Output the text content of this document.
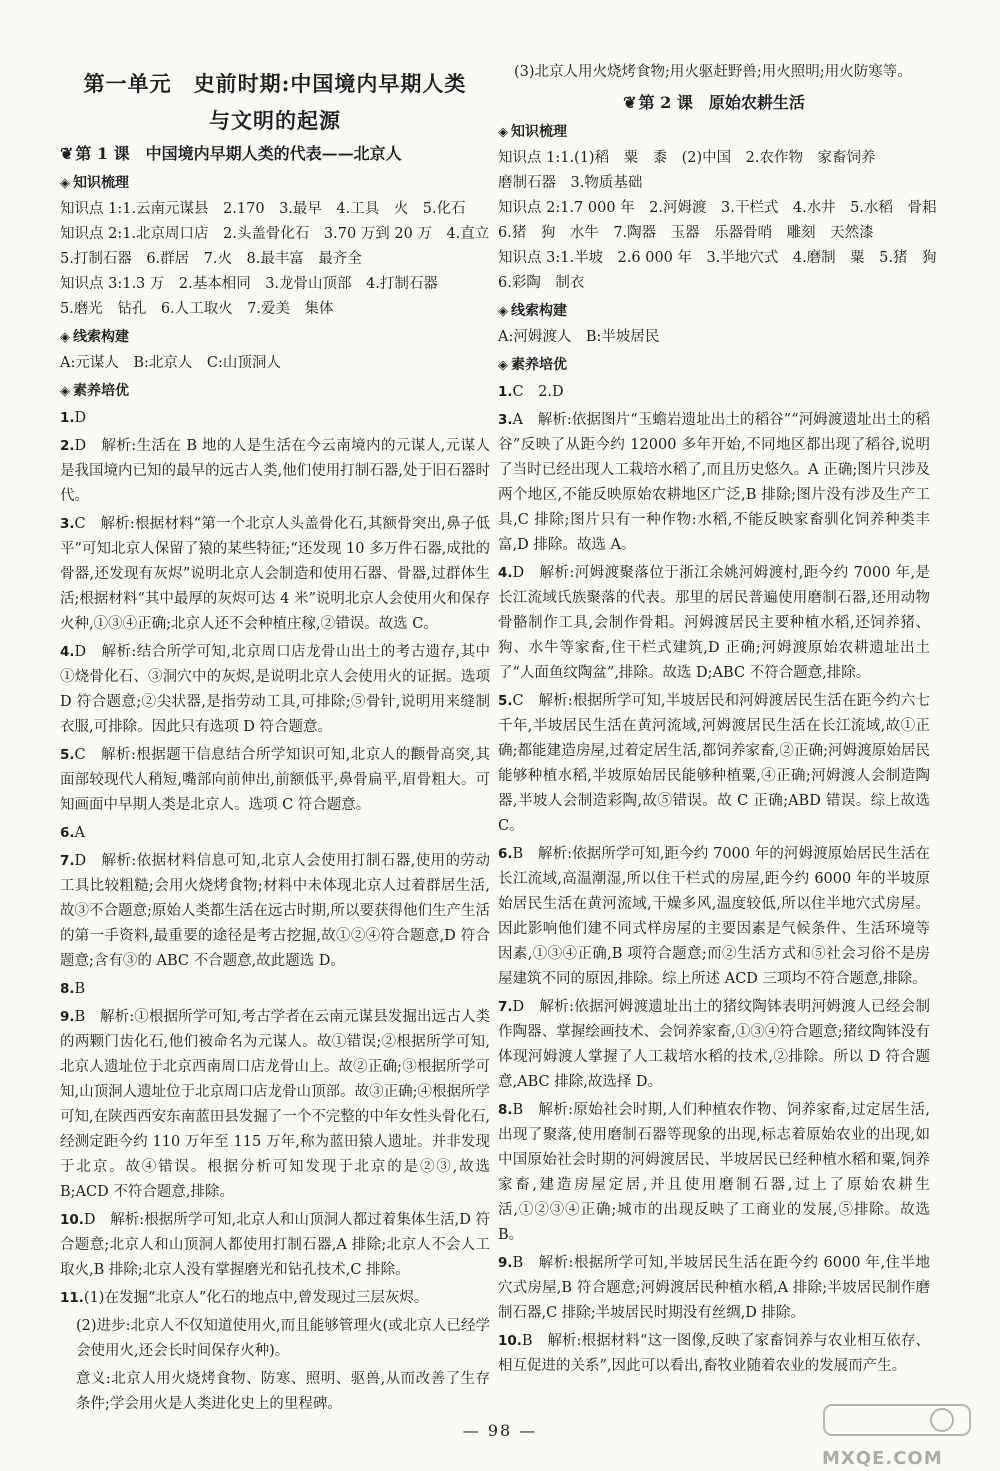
第一单元　史前时期:中国境内早期人类
与文明的起源
❦ 第 1 课　中国境内早期人类的代表——北京人
◈ 知识梳理

知识点 1:1.云南元谋县　2.170　3.最早　4.工具　火　5.化石

知识点 2:1.北京周口店　2.头盖骨化石　3.70 万到 20 万　4.直立

5.打制石器　6.群居　7.火　8.最丰富　最齐全

知识点 3:1.3 万　2.基本相同　3.龙骨山顶部　4.打制石器

5.磨光　钻孔　6.人工取火　7.爱美　集体

◈ 线索构建

A:元谋人　B:北京人　C:山顶洞人

◈ 素养培优

1.D

2.D　解析:生活在 B 地的人是生活在今云南境内的元谋人,元谋人是我国境内已知的最早的远古人类,他们使用打制石器,处于旧石器时代。

3.C　解析:根据材料“第一个北京人头盖骨化石,其额骨突出,鼻子低平”可知北京人保留了猿的某些特征;“还发现 10 多万件石器,成批的骨器,还发现有灰烬”说明北京人会制造和使用石器、骨器,过群体生活;根据材料“其中最厚的灰烬可达 4 米”说明北京人会使用火和保存火种,①③④正确;北京人还不会种植庄稼,②错误。故选 C。

4.D　解析:结合所学可知,北京周口店龙骨山出土的考古遗存,其中①烧骨化石、③洞穴中的灰烬,是说明北京人会使用火的证据。选项 D 符合题意;②尖状器,是指劳动工具,可排除;⑤骨针,说明用来缝制衣服,可排除。因此只有选项 D 符合题意。

5.C　解析:根据题干信息结合所学知识可知,北京人的颧骨高突,其面部较现代人稍短,嘴部向前伸出,前额低平,鼻骨扁平,眉骨粗大。可知画面中早期人类是北京人。选项 C 符合题意。

6.A

7.D　解析:依据材料信息可知,北京人会使用打制石器,使用的劳动工具比较粗糙;会用火烧烤食物;材料中未体现北京人过着群居生活,故③不合题意;原始人类都生活在远古时期,所以要获得他们生产生活的第一手资料,最重要的途径是考古挖掘,故①②④符合题意,D 符合题意;含有③的 ABC 不合题意,故此题选 D。

8.B

9.B　解析:①根据所学可知,考古学者在云南元谋县发掘出远古人类的两颗门齿化石,他们被命名为元谋人。故①错误;②根据所学可知,北京人遗址位于北京西南周口店龙骨山上。故②正确;③根据所学可知,山顶洞人遗址位于北京周口店龙骨山顶部。故③正确;④根据所学可知,在陕西西安东南蓝田县发掘了一个不完整的中年女性头骨化石,经测定距今约 110 万年至 115 万年,称为蓝田猿人遗址。并非发现于北京。故④错误。根据分析可知发现于北京的是②③,故选 B;ACD 不符合题意,排除。

10.D　解析:根据所学可知,北京人和山顶洞人都过着集体生活,D 符合题意;北京人和山顶洞人都使用打制石器,A 排除;北京人不会人工取火,B 排除;北京人没有掌握磨光和钻孔技术,C 排除。

11.(1)在发掘“北京人”化石的地点中,曾发现过三层灰烬。

(2)进步:北京人不仅知道使用火,而且能够管理火(或北京人已经学会使用火,还会长时间保存火种)。

意义:北京人用火烧烤食物、防寒、照明、驱兽,从而改善了生存条件;学会用火是人类进化史上的里程碑。

(3)北京人用火烧烤食物;用火驱赶野兽;用火照明;用火防寒等。

❦ 第 2 课　原始农耕生活
◈ 知识梳理

知识点 1:1.(1)稻　粟　黍　(2)中国　2.农作物　家畜饲养

磨制石器　3.物质基础

知识点 2:1.7 000 年　2.河姆渡　3.干栏式　4.水井　5.水稻　骨耜

6.猪　狗　水牛　7.陶器　玉器　乐器骨哨　雕刻　天然漆

知识点 3:1.半坡　2.6 000 年　3.半地穴式　4.磨制　粟　5.猪　狗

6.彩陶　制衣

◈ 线索构建

A:河姆渡人　B:半坡居民

◈ 素养培优

1.C　2.D

3.A　解析:依据图片“玉蟾岩遗址出土的稻谷”“河姆渡遗址出土的稻谷”反映了从距今约 12000 多年开始,不同地区都出现了稻谷,说明了当时已经出现人工栽培水稻了,而且历史悠久。A 正确;图片只涉及两个地区,不能反映原始农耕地区广泛,B 排除;图片没有涉及生产工具,C 排除;图片只有一种作物:水稻,不能反映家畜驯化饲养种类丰富,D 排除。故选 A。

4.D　解析:河姆渡聚落位于浙江余姚河姆渡村,距今约 7000 年,是长江流域氏族聚落的代表。那里的居民普遍使用磨制石器,还用动物骨骼制作工具,会制作骨耜。河姆渡居民主要种植水稻,还饲养猪、狗、水牛等家畜,住干栏式建筑,D 正确;河姆渡原始农耕遗址出土了“人面鱼纹陶盆”,排除。故选 D;ABC 不符合题意,排除。

5.C　解析:根据所学可知,半坡居民和河姆渡居民生活在距今约六七千年,半坡居民生活在黄河流域,河姆渡居民生活在长江流域,故①正确;都能建造房屋,过着定居生活,都饲养家畜,②正确;河姆渡原始居民能够种植水稻,半坡原始居民能够种植粟,④正确;河姆渡人会制造陶器,半坡人会制造彩陶,故⑤错误。故 C 正确;ABD 错误。综上故选 C。

6.B　解析:依据所学可知,距今约 7000 年的河姆渡原始居民生活在长江流域,高温潮湿,所以住干栏式的房屋,距今约 6000 年的半坡原始居民生活在黄河流域,干燥多风,温度较低,所以住半地穴式房屋。因此影响他们建不同式样房屋的主要因素是气候条件、生活环境等因素,①③④正确,B 项符合题意;而②生活方式和⑤社会习俗不是房屋建筑不同的原因,排除。综上所述 ACD 三项均不符合题意,排除。

7.D　解析:依据河姆渡遗址出土的猪纹陶钵表明河姆渡人已经会制作陶器、掌握绘画技术、会饲养家畜,①③④符合题意;猪纹陶钵没有体现河姆渡人掌握了人工栽培水稻的技术,②排除。所以 D 符合题意,ABC 排除,故选择 D。

8.B　解析:原始社会时期,人们种植农作物、饲养家畜,过定居生活,出现了聚落,使用磨制石器等现象的出现,标志着原始农业的出现,如中国原始社会时期的河姆渡居民、半坡居民已经种植水稻和粟,饲养家畜,建造房屋定居,并且使用磨制石器,过上了原始农耕生活,①②③④正确;城市的出现反映了工商业的发展,⑤排除。故选 B。

9.B　解析:根据所学可知,半坡居民生活在距今约 6000 年,住半地穴式房屋,B 符合题意;河姆渡居民种植水稻,A 排除;半坡居民制作磨制石器,C 排除;半坡居民时期没有丝绸,D 排除。

10.B　解析:根据材料“这一图像,反映了家畜饲养与农业相互依存、相互促进的关系”,因此可以看出,畜牧业随着农业的发展而产生。

— 98 —
MXQE.COM
